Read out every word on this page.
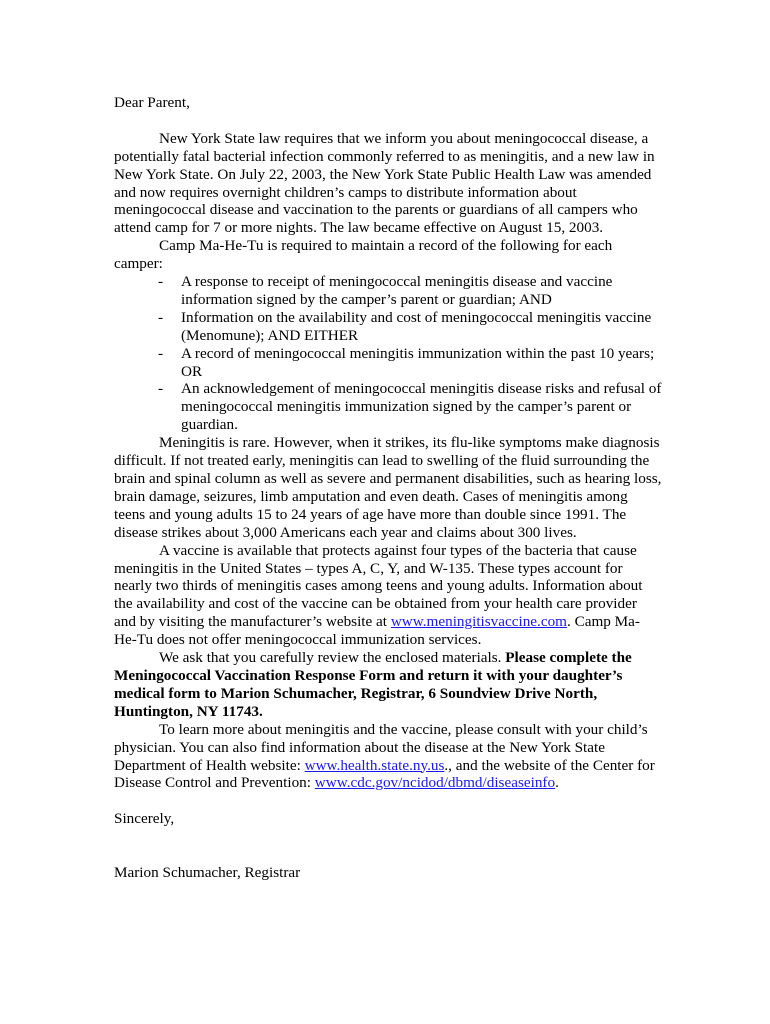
Dear Parent,

New York State law requires that we inform you about meningococcal disease, a potentially fatal bacterial infection commonly referred to as meningitis, and a new law in New York State. On July 22, 2003, the New York State Public Health Law was amended and now requires overnight children’s camps to distribute information about meningococcal disease and vaccination to the parents or guardians of all campers who attend camp for 7 or more nights. The law became effective on August 15, 2003.

Camp Ma-He-Tu is required to maintain a record of the following for each camper:

- A response to receipt of meningococcal meningitis disease and vaccine information signed by the camper’s parent or guardian; AND
- Information on the availability and cost of meningococcal meningitis vaccine (Menomune); AND EITHER
- A record of meningococcal meningitis immunization within the past 10 years; OR
- An acknowledgement of meningococcal meningitis disease risks and refusal of meningococcal meningitis immunization signed by the camper’s parent or guardian.

Meningitis is rare. However, when it strikes, its flu-like symptoms make diagnosis difficult. If not treated early, meningitis can lead to swelling of the fluid surrounding the brain and spinal column as well as severe and permanent disabilities, such as hearing loss, brain damage, seizures, limb amputation and even death. Cases of meningitis among teens and young adults 15 to 24 years of age have more than double since 1991. The disease strikes about 3,000 Americans each year and claims about 300 lives.

A vaccine is available that protects against four types of the bacteria that cause meningitis in the United States – types A, C, Y, and W-135. These types account for nearly two thirds of meningitis cases among teens and young adults. Information about the availability and cost of the vaccine can be obtained from your health care provider and by visiting the manufacturer’s website at www.meningitisvaccine.com. Camp Ma-He-Tu does not offer meningococcal immunization services.

We ask that you carefully review the enclosed materials. Please complete the Meningococcal Vaccination Response Form and return it with your daughter’s medical form to Marion Schumacher, Registrar, 6 Soundview Drive North, Huntington, NY 11743.

To learn more about meningitis and the vaccine, please consult with your child’s physician. You can also find information about the disease at the New York State Department of Health website: www.health.state.ny.us., and the website of the Center for Disease Control and Prevention: www.cdc.gov/ncidod/dbmd/diseaseinfo.

Sincerely,

Marion Schumacher, Registrar
